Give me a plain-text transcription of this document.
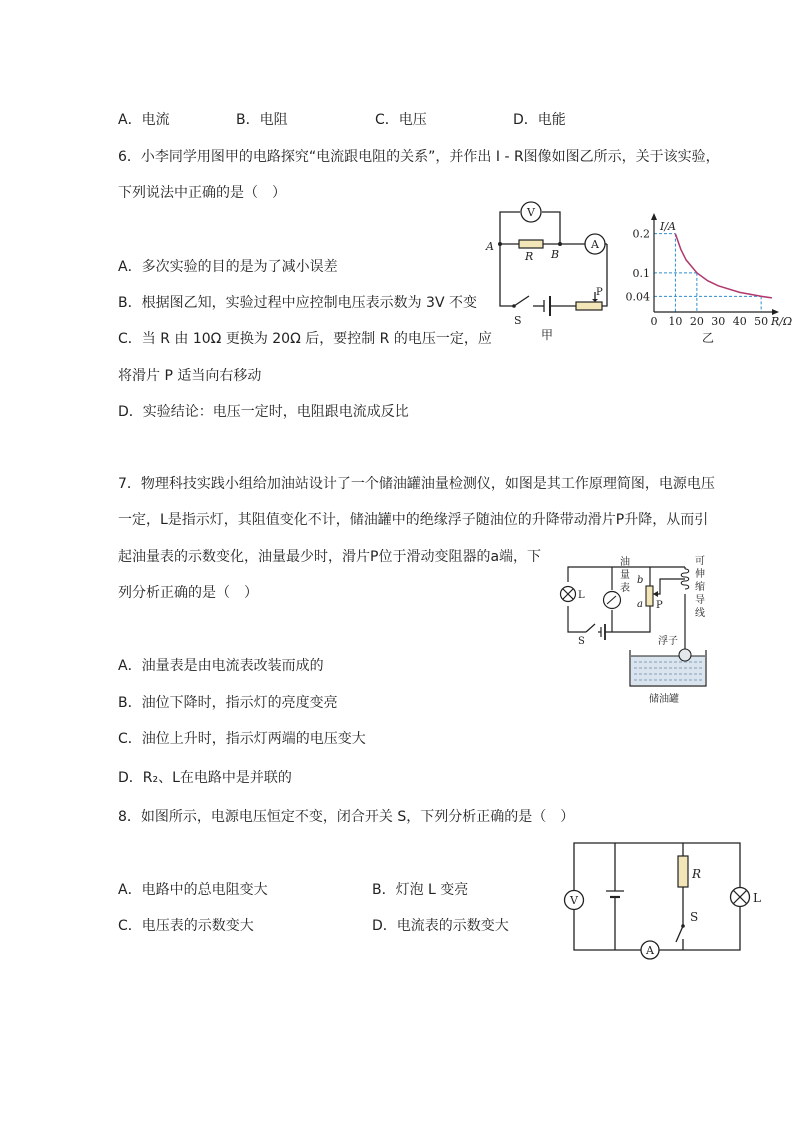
A．电流	B．电阻	C．电压	D．电能
6．小李同学用图甲的电路探究“电流跟电阻的关系”，并作出 I - R图像如图乙所示，关于该实验，
下列说法中正确的是（　）
A．多次实验的目的是为了减小误差
B．根据图乙知，实验过程中应控制电压表示数为 3V 不变
C．当 R 由 10Ω 更换为 20Ω 后，要控制 R 的电压一定，应
将滑片 P 适当向右移动
D．实验结论：电压一定时，电阻跟电流成反比
V
A
A
B
R
P
S
甲
0 10 20 30 40 50
0.04
0.1
0.2
I/A
R/Ω
乙
7．物理科技实践小组给加油站设计了一个储油罐油量检测仪，如图是其工作原理简图，电源电压
一定，L是指示灯，其阻值变化不计，储油罐中的绝缘浮子随油位的升降带动滑片P升降，从而引
起油量表的示数变化，油量最少时，滑片P位于滑动变阻器的a端，下
列分析正确的是（　）
A．油量表是由电流表改装而成的
B．油位下降时，指示灯的亮度变亮
C．油位上升时，指示灯两端的电压变大
D．R₂、L在电路中是并联的
L
油
量
表
b
a P
可
伸
缩
导
线
浮子
S
储油罐
8．如图所示，电源电压恒定不变，闭合开关 S，下列分析正确的是（　）
A．电路中的总电阻变大	B．灯泡 L 变亮
C．电压表的示数变大	D．电流表的示数变大
V
A
R
S
L
